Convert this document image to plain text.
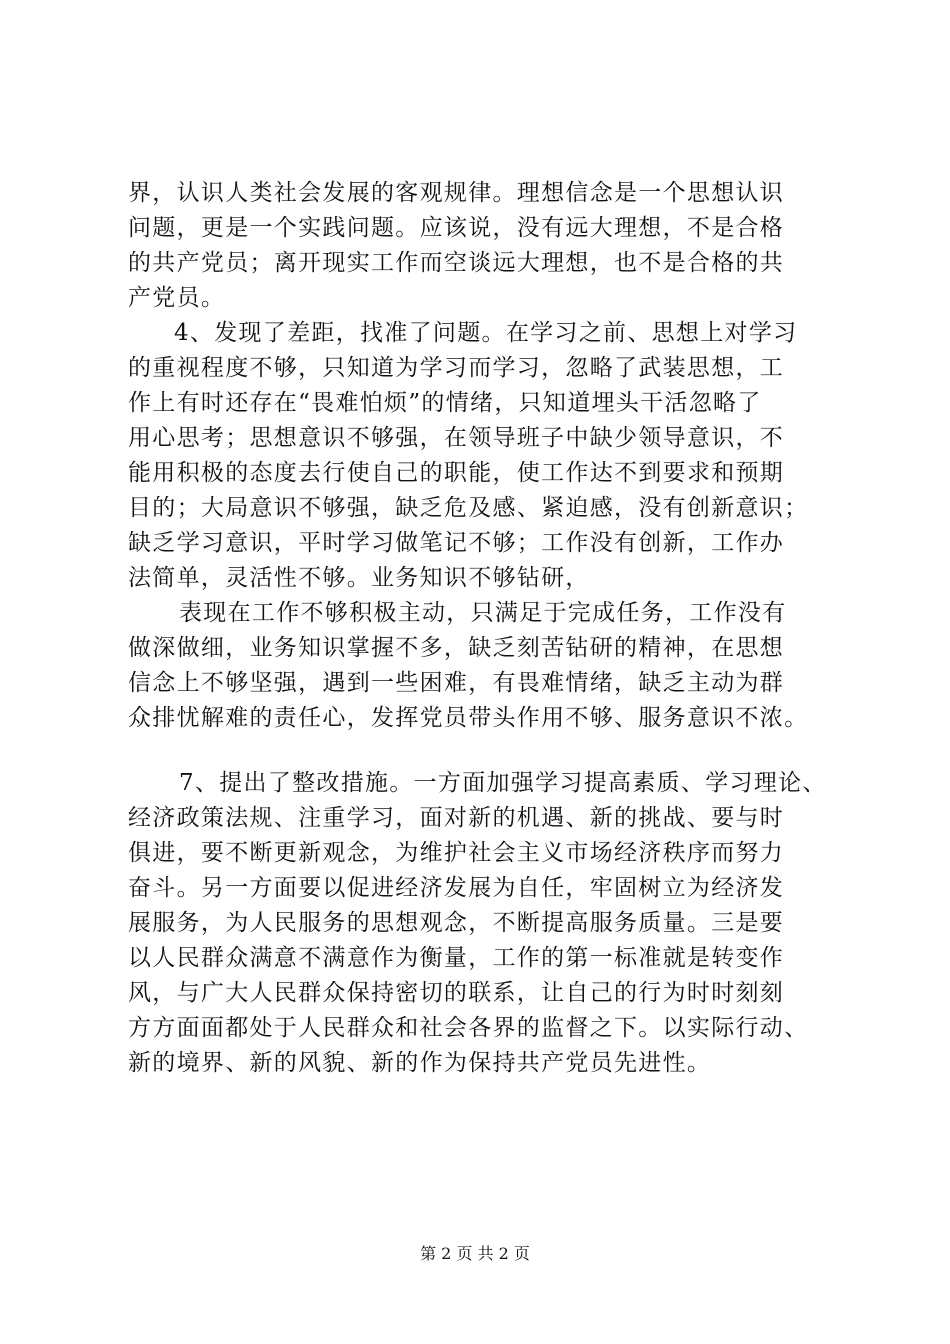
界，认识人类社会发展的客观规律。理想信念是一个思想认识
问题，更是一个实践问题。应该说，没有远大理想，不是合格
的共产党员；离开现实工作而空谈远大理想，也不是合格的共
产党员。
4、发现了差距，找准了问题。在学习之前、思想上对学习
的重视程度不够，只知道为学习而学习，忽略了武装思想，工
作上有时还存在“畏难怕烦”的情绪，只知道埋头干活忽略了
用心思考；思想意识不够强，在领导班子中缺少领导意识，不
能用积极的态度去行使自己的职能，使工作达不到要求和预期
目的；大局意识不够强，缺乏危及感、紧迫感，没有创新意识；
缺乏学习意识，平时学习做笔记不够；工作没有创新，工作办
法简单，灵活性不够。业务知识不够钻研，
表现在工作不够积极主动，只满足于完成任务，工作没有
做深做细，业务知识掌握不多，缺乏刻苦钻研的精神，在思想
信念上不够坚强，遇到一些困难，有畏难情绪，缺乏主动为群
众排忧解难的责任心，发挥党员带头作用不够、服务意识不浓。
7、提出了整改措施。一方面加强学习提高素质、学习理论、
经济政策法规、注重学习，面对新的机遇、新的挑战、要与时
俱进，要不断更新观念，为维护社会主义市场经济秩序而努力
奋斗。另一方面要以促进经济发展为自任，牢固树立为经济发
展服务，为人民服务的思想观念，不断提高服务质量。三是要
以人民群众满意不满意作为衡量，工作的第一标准就是转变作
风，与广大人民群众保持密切的联系，让自己的行为时时刻刻
方方面面都处于人民群众和社会各界的监督之下。以实际行动、
新的境界、新的风貌、新的作为保持共产党员先进性。
第 2 页 共 2 页
